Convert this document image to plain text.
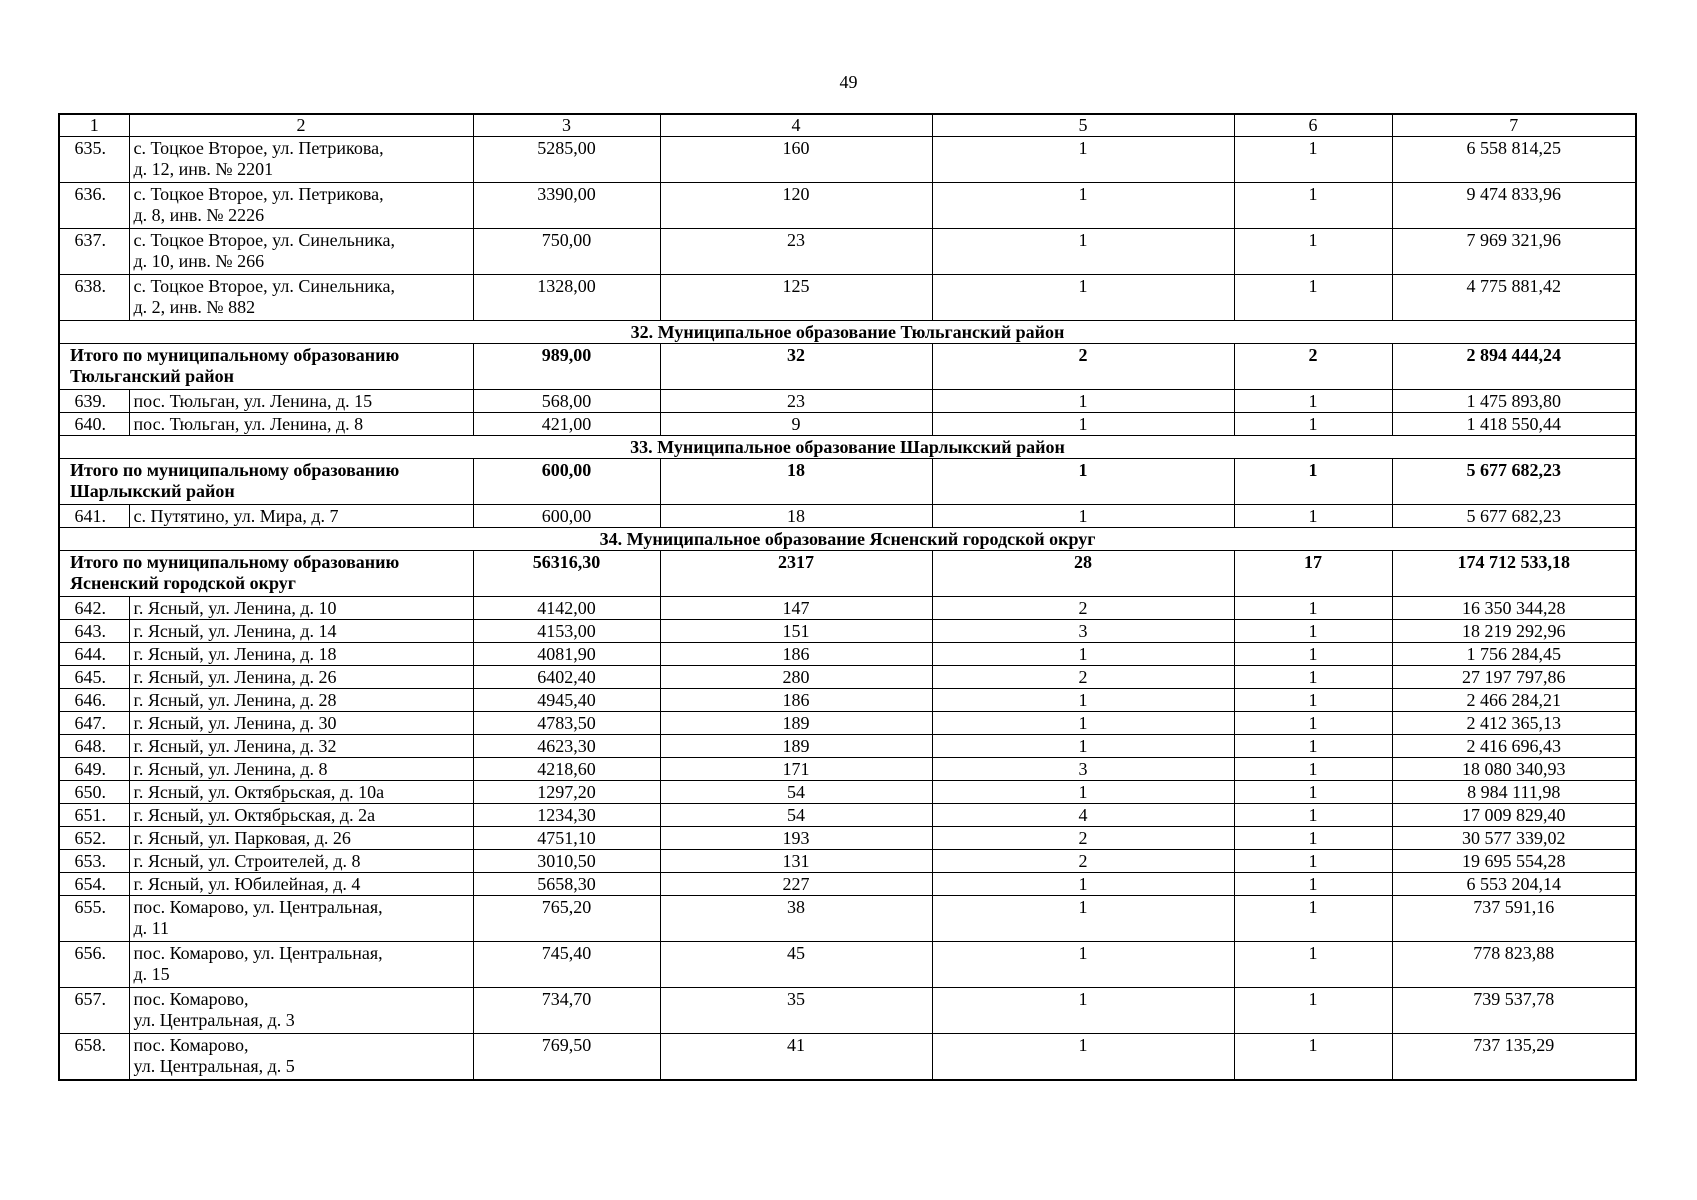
49
1	2	3	4	5	6	7
635.	с. Тоцкое Второе, ул. Петрикова,
д. 12, инв. № 2201	5285,00	160	1	1	6 558 814,25
636.	с. Тоцкое Второе, ул. Петрикова,
д. 8, инв. № 2226	3390,00	120	1	1	9 474 833,96
637.	с. Тоцкое Второе, ул. Синельника,
д. 10, инв. № 266	750,00	23	1	1	7 969 321,96
638.	с. Тоцкое Второе, ул. Синельника,
д. 2, инв. № 882	1328,00	125	1	1	4 775 881,42
32. Муниципальное образование Тюльганский район						

Итого по муниципальному образованию
Тюльганский район		989,00	32	2	2	2 894 444,24
639.	пос. Тюльган, ул. Ленина, д. 15	568,00	23	1	1	1 475 893,80
640.	пос. Тюльган, ул. Ленина, д. 8	421,00	9	1	1	1 418 550,44
33. Муниципальное образование Шарлыкский район						

Итого по муниципальному образованию
Шарлыкский район		600,00	18	1	1	5 677 682,23
641.	с. Путятино, ул. Мира, д. 7	600,00	18	1	1	5 677 682,23
34. Муниципальное образование Ясненский городской округ						

Итого по муниципальному образованию
Ясненский городской округ		56316,30	2317	28	17	174 712 533,18
642.	г. Ясный, ул. Ленина, д. 10	4142,00	147	2	1	16 350 344,28
643.	г. Ясный, ул. Ленина, д. 14	4153,00	151	3	1	18 219 292,96
644.	г. Ясный, ул. Ленина, д. 18	4081,90	186	1	1	1 756 284,45
645.	г. Ясный, ул. Ленина, д. 26	6402,40	280	2	1	27 197 797,86
646.	г. Ясный, ул. Ленина, д. 28	4945,40	186	1	1	2 466 284,21
647.	г. Ясный, ул. Ленина, д. 30	4783,50	189	1	1	2 412 365,13
648.	г. Ясный, ул. Ленина, д. 32	4623,30	189	1	1	2 416 696,43
649.	г. Ясный, ул. Ленина, д. 8	4218,60	171	3	1	18 080 340,93
650.	г. Ясный, ул. Октябрьская, д. 10а	1297,20	54	1	1	8 984 111,98
651.	г. Ясный, ул. Октябрьская, д. 2а	1234,30	54	4	1	17 009 829,40
652.	г. Ясный, ул. Парковая, д. 26	4751,10	193	2	1	30 577 339,02
653.	г. Ясный, ул. Строителей, д. 8	3010,50	131	2	1	19 695 554,28
654.	г. Ясный, ул. Юбилейная, д. 4	5658,30	227	1	1	6 553 204,14
655.	пос. Комарово, ул. Центральная,
д. 11	765,20	38	1	1	737 591,16
656.	пос. Комарово, ул. Центральная,
д. 15	745,40	45	1	1	778 823,88
657.	пос. Комарово,
ул. Центральная, д. 3	734,70	35	1	1	739 537,78
658.	пос. Комарово,
ул. Центральная, д. 5	769,50	41	1	1	737 135,29
